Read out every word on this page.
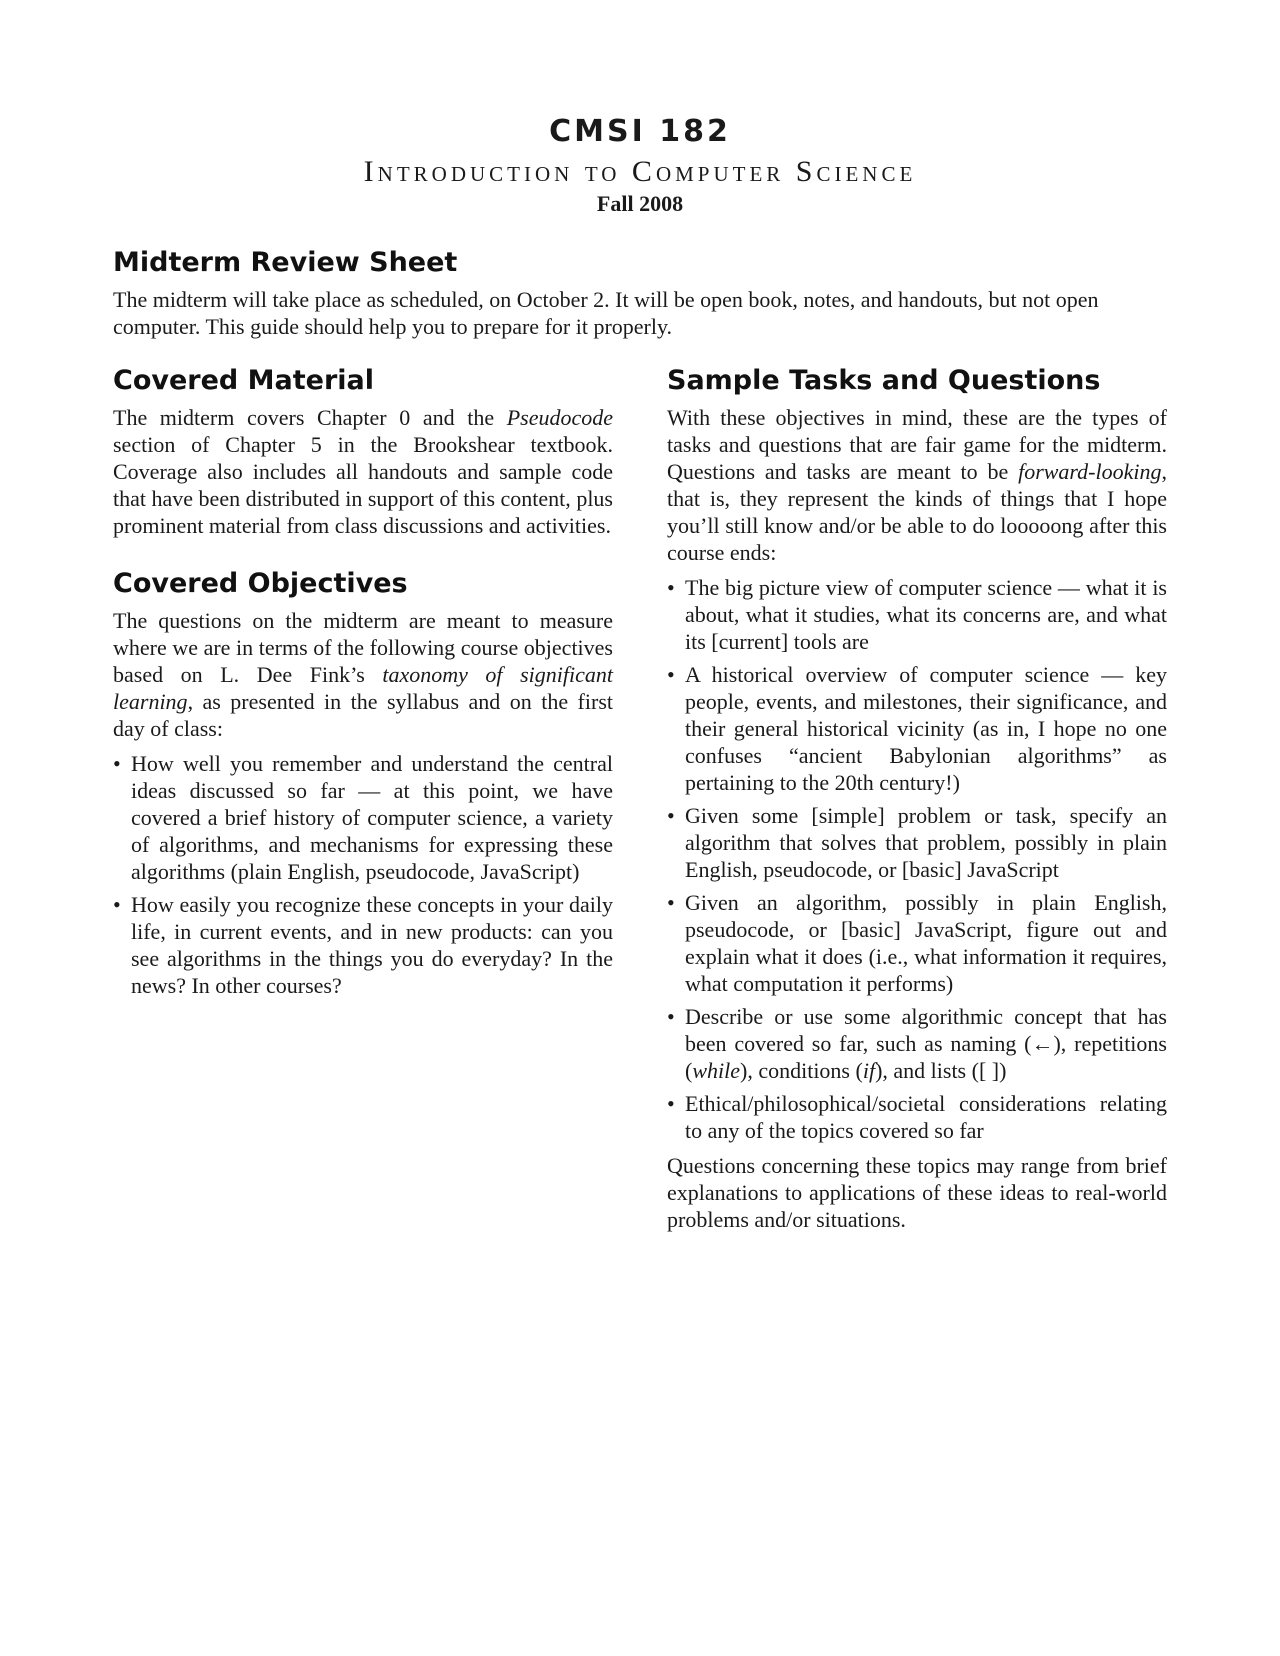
CMSI 182
Introduction to Computer Science
Fall 2008
Midterm Review Sheet

The midterm will take place as scheduled, on October 2. It will be open book, notes, and handouts, but not open computer. This guide should help you to prepare for it properly.

Covered Material

The midterm covers Chapter 0 and the Pseudocode section of Chapter 5 in the Brookshear textbook. Coverage also includes all handouts and sample code that have been distributed in support of this content, plus prominent material from class discussions and activities.

Covered Objectives

The questions on the midterm are meant to measure where we are in terms of the following course objectives based on L. Dee Fink’s taxonomy of significant learning, as presented in the syllabus and on the first day of class:

• How well you remember and understand the central ideas discussed so far — at this point, we have covered a brief history of computer science, a variety of algorithms, and mechanisms for expressing these algorithms (plain English, pseudocode, JavaScript)
• How easily you recognize these concepts in your daily life, in current events, and in new products: can you see algorithms in the things you do everyday? In the news? In other courses?
Sample Tasks and Questions

With these objectives in mind, these are the types of tasks and questions that are fair game for the midterm. Questions and tasks are meant to be forward-looking, that is, they represent the kinds of things that I hope you’ll still know and/or be able to do looooong after this course ends:

• The big picture view of computer science — what it is about, what it studies, what its concerns are, and what its [current] tools are
• A historical overview of computer science — key people, events, and milestones, their significance, and their general historical vicinity (as in, I hope no one confuses “ancient Babylonian algorithms” as pertaining to the 20th century!)
• Given some [simple] problem or task, specify an algorithm that solves that problem, possibly in plain English, pseudocode, or [basic] JavaScript
• Given an algorithm, possibly in plain English, pseudocode, or [basic] JavaScript, figure out and explain what it does (i.e., what information it requires, what computation it performs)
• Describe or use some algorithmic concept that has been covered so far, such as naming (←), repetitions (while), conditions (if), and lists ([ ])
• Ethical/philosophical/societal considerations relating to any of the topics covered so far

Questions concerning these topics may range from brief explanations to applications of these ideas to real-world problems and/or situations.
